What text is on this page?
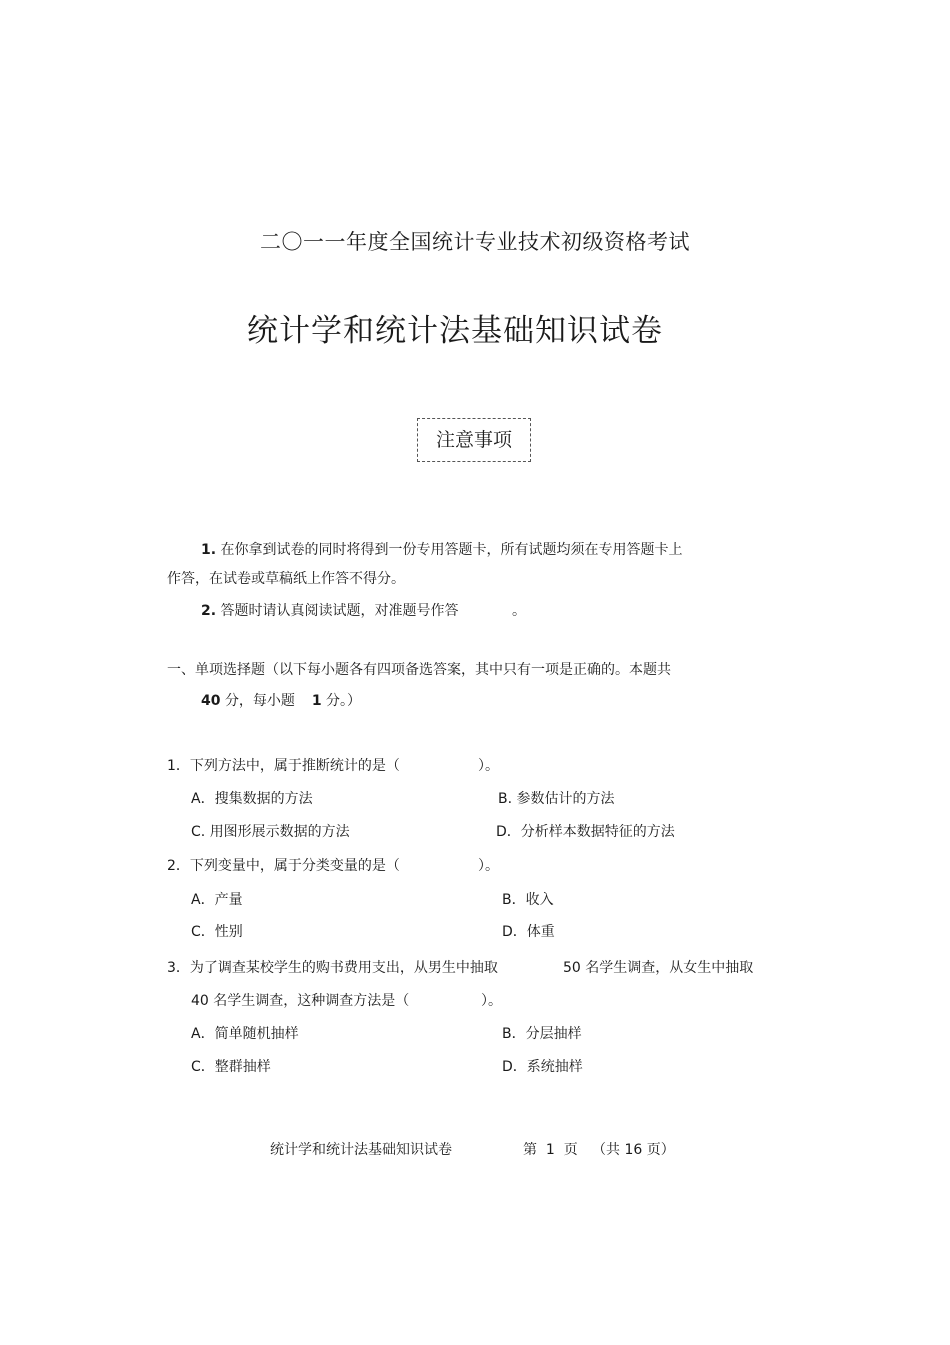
二〇一一年度全国统计专业技术初级资格考试
统计学和统计法基础知识试卷
注意事项
1. 在你拿到试卷的同时将得到一份专用答题卡，所有试题均须在专用答题卡上
作答，在试卷或草稿纸上作答不得分。
2. 答题时请认真阅读试题，对准题号作答	。
一、单项选择题（以下每小题各有四项备选答案，其中只有一项是正确的。本题共
40 分，每小题 1 分。）
1．下列方法中，属于推断统计的是（	）。
A．搜集数据的方法	B. 参数估计的方法
C. 用图形展示数据的方法	D．分析样本数据特征的方法
2．下列变量中，属于分类变量的是（	）。
A．产量	B．收入
C．性别	D．体重
3．为了调查某校学生的购书费用支出，从男生中抽取	50 名学生调查，从女生中抽取
40 名学生调查，这种调查方法是（	）。
A．简单随机抽样	B．分层抽样
C．整群抽样	D．系统抽样
统计学和统计法基础知识试卷	第  1  页 （共 16 页）
